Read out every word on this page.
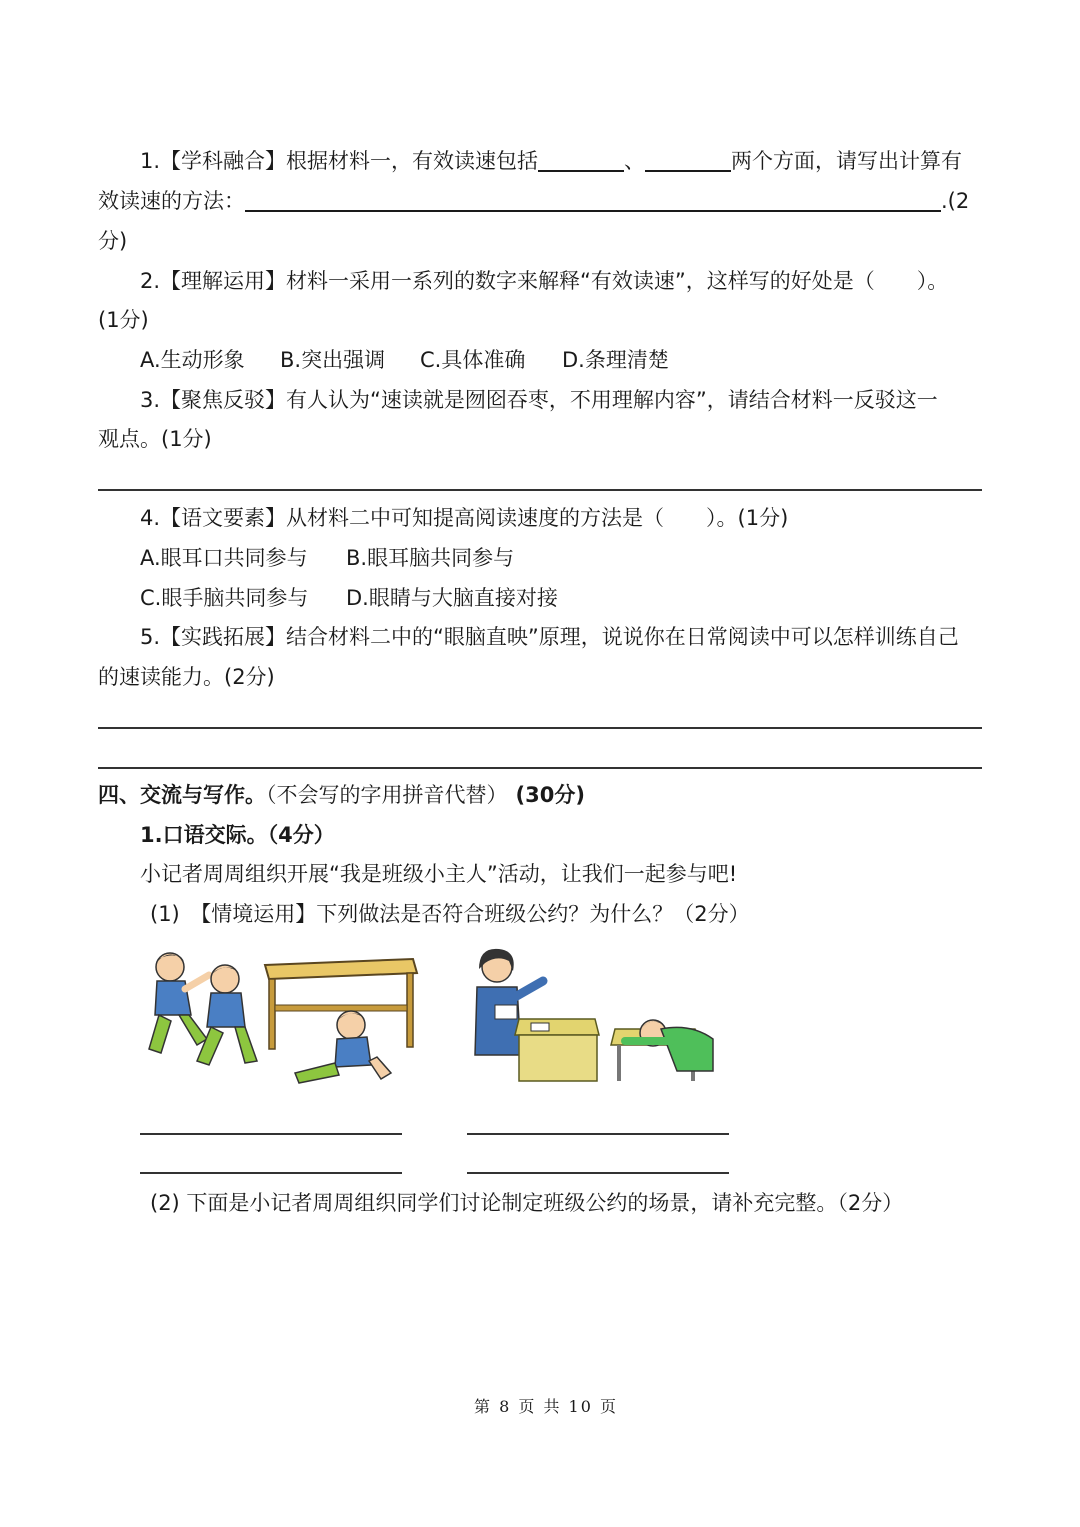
1.【学科融合】根据材料一，有效读速包括	、	两个方面，请写出计算有
效读速的方法：	.(2
分)
2.【理解运用】材料一采用一系列的数字来解释“有效读速”，这样写的好处是（　　）。
(1分)
A.生动形象 B.突出强调 C.具体准确 D.条理清楚
3.【聚焦反驳】有人认为“速读就是囫囵吞枣，不用理解内容”，请结合材料一反驳这一
观点。(1分)
4.【语文要素】从材料二中可知提高阅读速度的方法是（　　）。(1分)
A.眼耳口共同参与 B.眼耳脑共同参与
C.眼手脑共同参与 D.眼睛与大脑直接对接
5.【实践拓展】结合材料二中的“眼脑直映”原理，说说你在日常阅读中可以怎样训练自己
的速读能力。(2分)
四、交流与写作。（不会写的字用拼音代替） (30分)
1.口语交际。（4分）
小记者周周组织开展“我是班级小主人”活动，让我们一起参与吧!
(1)　【情境运用】下列做法是否符合班级公约？为什么？（2分）
(2) 下面是小记者周周组织同学们讨论制定班级公约的场景，请补充完整。（2分）
第 8 页 共 10 页
